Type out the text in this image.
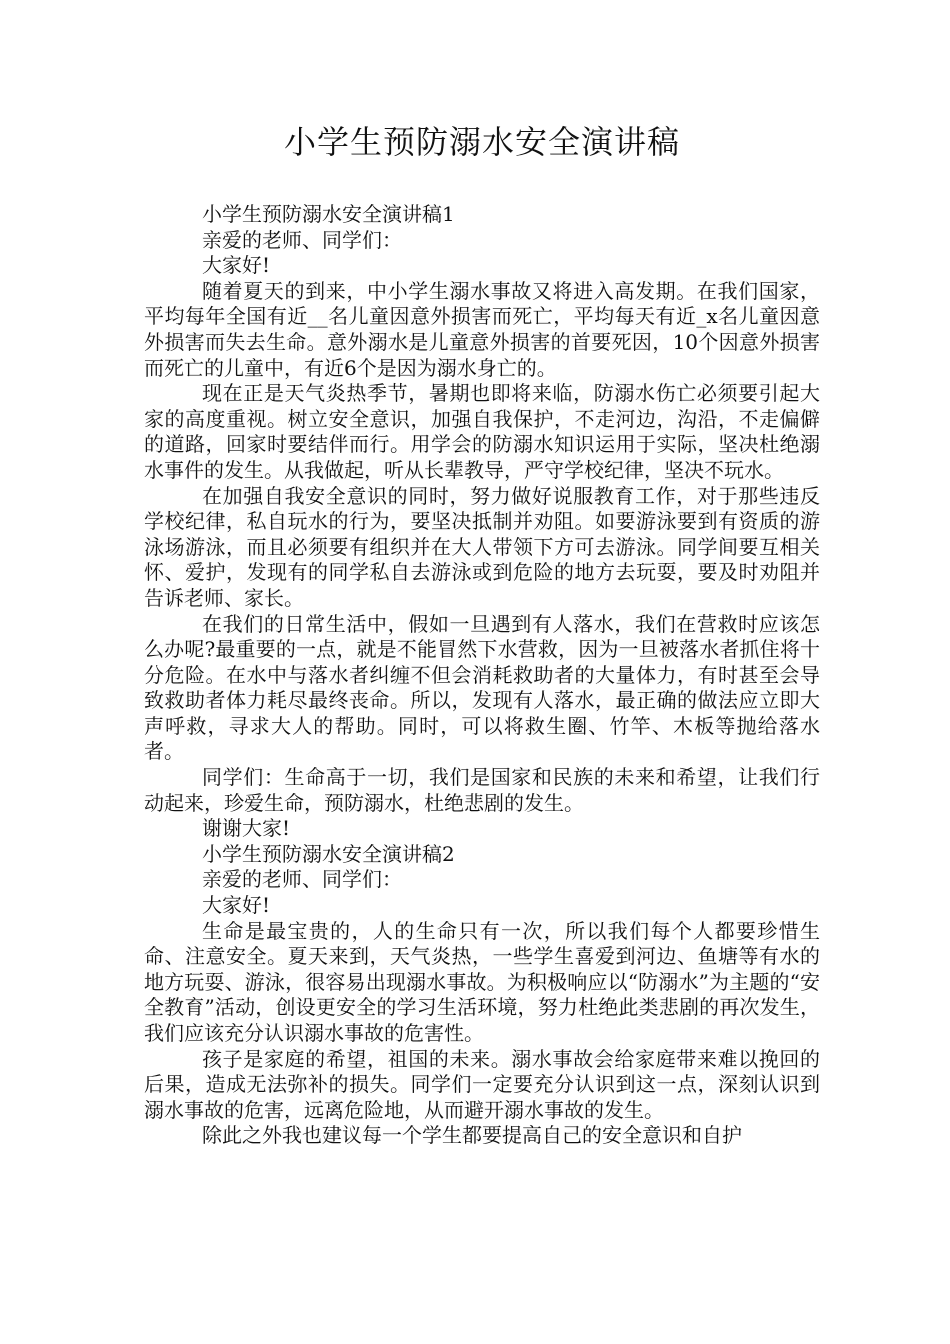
小学生预防溺水安全演讲稿

小学生预防溺水安全演讲稿1

亲爱的老师、同学们：

大家好!

随着夏天的到来，中小学生溺水事故又将进入高发期。在我们国家，平均每年全国有近__名儿童因意外损害而死亡，平均每天有近_x名儿童因意外损害而失去生命。意外溺水是儿童意外损害的首要死因，10个因意外损害而死亡的儿童中，有近6个是因为溺水身亡的。

现在正是天气炎热季节，暑期也即将来临，防溺水伤亡必须要引起大家的高度重视。树立安全意识，加强自我保护，不走河边，沟沿，不走偏僻的道路，回家时要结伴而行。用学会的防溺水知识运用于实际，坚决杜绝溺水事件的发生。从我做起，听从长辈教导，严守学校纪律，坚决不玩水。

在加强自我安全意识的同时，努力做好说服教育工作，对于那些违反学校纪律，私自玩水的行为，要坚决抵制并劝阻。如要游泳要到有资质的游泳场游泳，而且必须要有组织并在大人带领下方可去游泳。同学间要互相关怀、爱护，发现有的同学私自去游泳或到危险的地方去玩耍，要及时劝阻并告诉老师、家长。

在我们的日常生活中，假如一旦遇到有人落水，我们在营救时应该怎么办呢?最重要的一点，就是不能冒然下水营救，因为一旦被落水者抓住将十分危险。在水中与落水者纠缠不但会消耗救助者的大量体力，有时甚至会导致救助者体力耗尽最终丧命。所以，发现有人落水，最正确的做法应立即大声呼救，寻求大人的帮助。同时，可以将救生圈、竹竿、木板等抛给落水者。

同学们：生命高于一切，我们是国家和民族的未来和希望，让我们行动起来，珍爱生命，预防溺水，杜绝悲剧的发生。

谢谢大家!

小学生预防溺水安全演讲稿2

亲爱的老师、同学们：

大家好!

生命是最宝贵的，人的生命只有一次，所以我们每个人都要珍惜生命、注意安全。夏天来到，天气炎热，一些学生喜爱到河边、鱼塘等有水的地方玩耍、游泳，很容易出现溺水事故。为积极响应以“防溺水”为主题的“安全教育”活动，创设更安全的学习生活环境，努力杜绝此类悲剧的再次发生，我们应该充分认识溺水事故的危害性。

孩子是家庭的希望，祖国的未来。溺水事故会给家庭带来难以挽回的后果，造成无法弥补的损失。同学们一定要充分认识到这一点，深刻认识到溺水事故的危害，远离危险地，从而避开溺水事故的发生。

除此之外我也建议每一个学生都要提高自己的安全意识和自护
